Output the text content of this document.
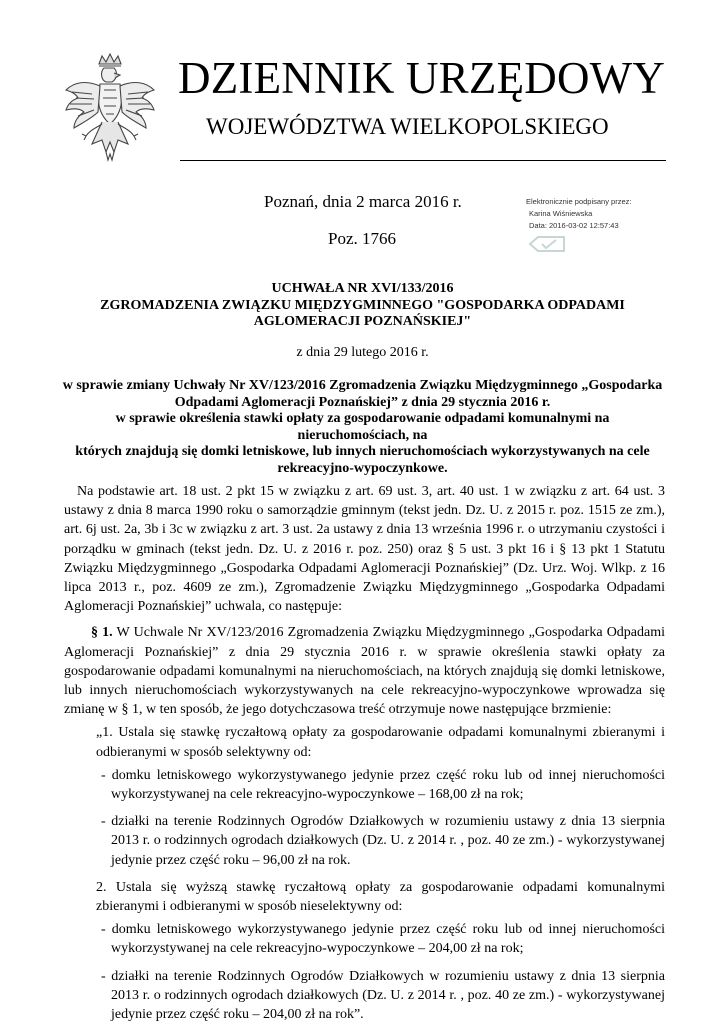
DZIENNIK URZĘDOWY
WOJEWÓDZTWA WIELKOPOLSKIEGO
Poznań, dnia 2 marca 2016 r.
Poz. 1766
Elektronicznie podpisany przez:
Karina Wiśniewska
Data: 2016-03-02 12:57:43
UCHWAŁA NR XVI/133/2016
ZGROMADZENIA ZWIĄZKU MIĘDZYGMINNEGO "GOSPODARKA ODPADAMI
AGLOMERACJI POZNAŃSKIEJ"
z dnia 29 lutego 2016 r.
w sprawie zmiany Uchwały Nr XV/123/2016 Zgromadzenia Związku Międzygminnego „Gospodarka
Odpadami Aglomeracji Poznańskiej” z dnia 29 stycznia 2016 r.
w sprawie określenia stawki opłaty za gospodarowanie odpadami komunalnymi na nieruchomościach, na
których znajdują się domki letniskowe, lub innych nieruchomościach wykorzystywanych na cele
rekreacyjno-wypoczynkowe.

Na podstawie art. 18 ust. 2 pkt 15 w związku z art. 69 ust. 3, art. 40 ust. 1 w związku z art. 64 ust. 3 ustawy z dnia 8 marca 1990 roku o samorządzie gminnym (tekst jedn. Dz. U. z 2015 r. poz. 1515 ze zm.), art. 6j ust. 2a, 3b i 3c w związku z art. 3 ust. 2a ustawy z dnia 13 września 1996 r. o utrzymaniu czystości i porządku w gminach (tekst jedn. Dz. U. z 2016 r. poz. 250) oraz § 5 ust. 3 pkt 16 i § 13 pkt 1 Statutu Związku Międzygminnego „Gospodarka Odpadami Aglomeracji Poznańskiej” (Dz. Urz. Woj. Wlkp. z 16 lipca 2013 r., poz. 4609 ze zm.), Zgromadzenie Związku Międzygminnego „Gospodarka Odpadami Aglomeracji Poznańskiej” uchwala, co następuje:

§ 1. W Uchwale Nr XV/123/2016 Zgromadzenia Związku Międzygminnego „Gospodarka Odpadami Aglomeracji Poznańskiej” z dnia 29 stycznia 2016 r. w sprawie określenia stawki opłaty za gospodarowanie odpadami komunalnymi na nieruchomościach, na których znajdują się domki letniskowe, lub innych nieruchomościach wykorzystywanych na cele rekreacyjno-wypoczynkowe wprowadza się zmianę w § 1, w ten sposób, że jego dotychczasowa treść otrzymuje nowe następujące brzmienie:

„1. Ustala się stawkę ryczałtową opłaty za gospodarowanie odpadami komunalnymi zbieranymi i odbieranymi w sposób selektywny od:

- domku letniskowego wykorzystywanego jedynie przez część roku lub od innej nieruchomości wykorzystywanej na cele rekreacyjno-wypoczynkowe – 168,00 zł na rok;

- działki na terenie Rodzinnych Ogrodów Działkowych w rozumieniu ustawy z dnia 13 sierpnia 2013 r. o rodzinnych ogrodach działkowych (Dz. U. z 2014 r. , poz. 40 ze zm.) - wykorzystywanej jedynie przez część roku – 96,00 zł na rok.

2. Ustala się wyższą stawkę ryczałtową opłaty za gospodarowanie odpadami komunalnymi zbieranymi i odbieranymi w sposób nieselektywny od:

- domku letniskowego wykorzystywanego jedynie przez część roku lub od innej nieruchomości wykorzystywanej na cele rekreacyjno-wypoczynkowe – 204,00 zł na rok;

- działki na terenie Rodzinnych Ogrodów Działkowych w rozumieniu ustawy z dnia 13 sierpnia 2013 r. o rodzinnych ogrodach działkowych (Dz. U. z 2014 r. , poz. 40 ze zm.) - wykorzystywanej jedynie przez część roku – 204,00 zł na rok”.
